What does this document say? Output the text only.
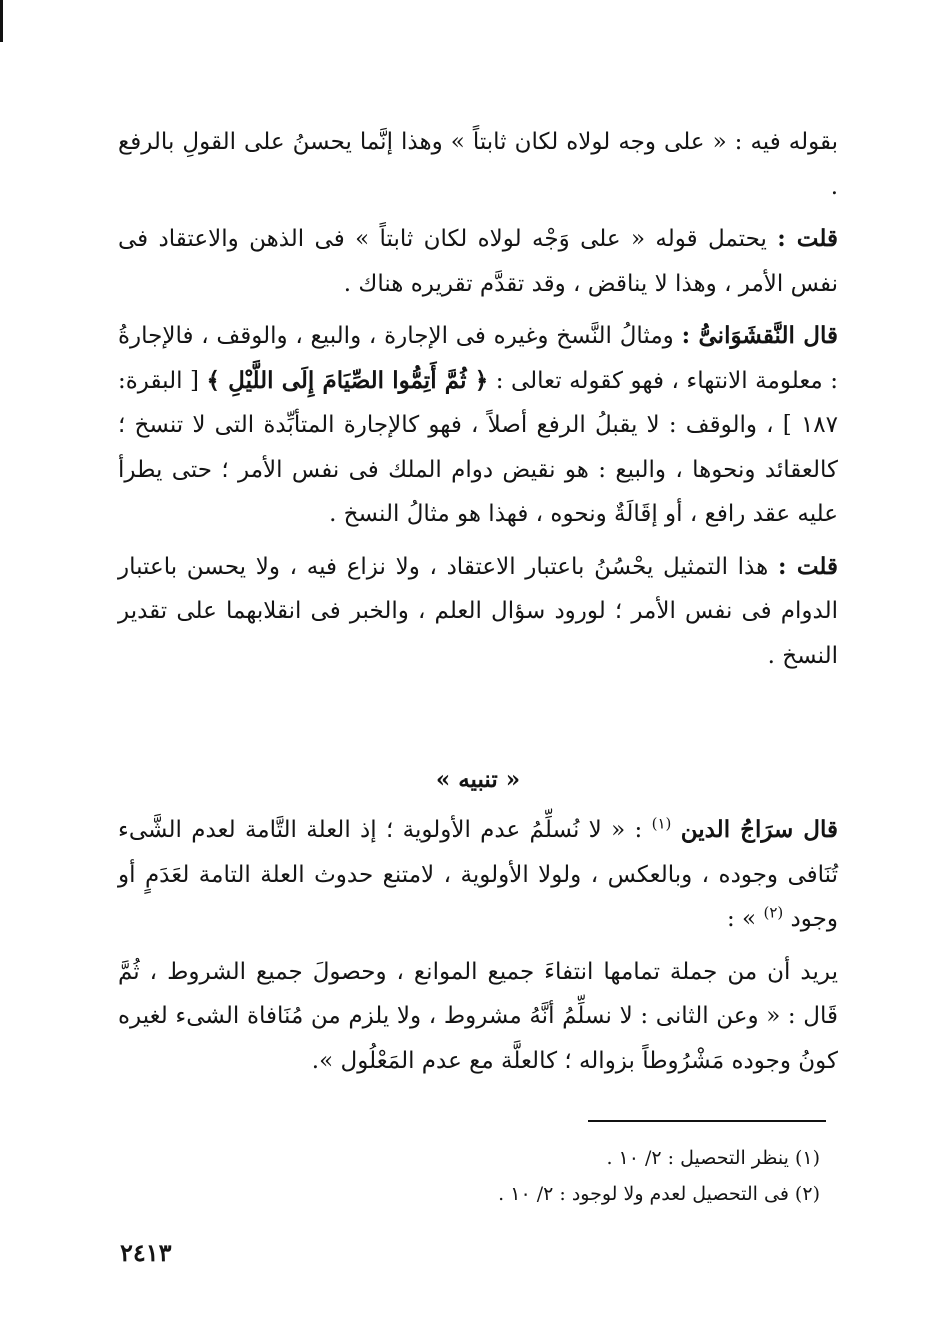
بقوله فيه : « على وجه لولاه لكان ثابتاً » وهذا إنَّما يحسنُ على القولِ بالرفع .

قلت : يحتمل قوله « على وَجْه لولاه لكان ثابتاً » فى الذهن والاعتقاد فى نفس الأمر ، وهذا لا يناقض ، وقد تقدَّم تقريره هناك .

قال النَّقشَوَانىُّ : ومثالُ النَّسخ وغيره فى الإجارة ، والبيع ، والوقف ، فالإجارةُ : معلومة الانتهاء ، فهو كقوله تعالى : ﴿ ثُمَّ أَتِمُّوا الصِّيَامَ إِلَى اللَّيْلِ ﴾ [ البقرة: ١٨٧ ] ، والوقف : لا يقبلُ الرفع أصلاً ، فهو كالإجارة المتأبِّدة التى لا تنسخ ؛ كالعقائد ونحوها ، والبيع : هو نقيض دوام الملك فى نفس الأمر ؛ حتى يطرأ عليه عقد رافع ، أو إقَالَةٌ ونحوه ، فهذا هو مثالُ النسخ .

قلت : هذا التمثيل يحْسُنُ باعتبار الاعتقاد ، ولا نزاع فيه ، ولا يحسن باعتبار الدوام فى نفس الأمر ؛ لورود سؤال العلم ، والخبر فى انقلابهما على تقدير النسخ .

« تنبيه »

قال سرَاجُ الدين $^{(١)}$ : « لا نُسلِّمُ عدم الأولوية ؛ إذ العلة التَّامة لعدم الشَّىء تُنَافى وجوده ، وبالعكس ، ولولا الأولوية ، لامتنع حدوث العلة التامة لعَدَمٍ أو وجود $^{(٢)}$ » :

يريد أن من جملة تمامها انتفاءَ جميع الموانع ، وحصولَ جميع الشروط ، ثُمَّ قَال : « وعن الثانى : لا نسلِّمُ أنَّهُ مشروط ، ولا يلزم من مُنَافاة الشىء لغيره كونُ وجوده مَشْرُوطاً بزواله ؛ كالعلَّة مع عدم المَعْلُول ».

(١) ينظر التحصيل : ٢/ ١٠ .

(٢) فى التحصيل لعدم ولا لوجود : ٢/ ١٠ .

٢٤١٣
